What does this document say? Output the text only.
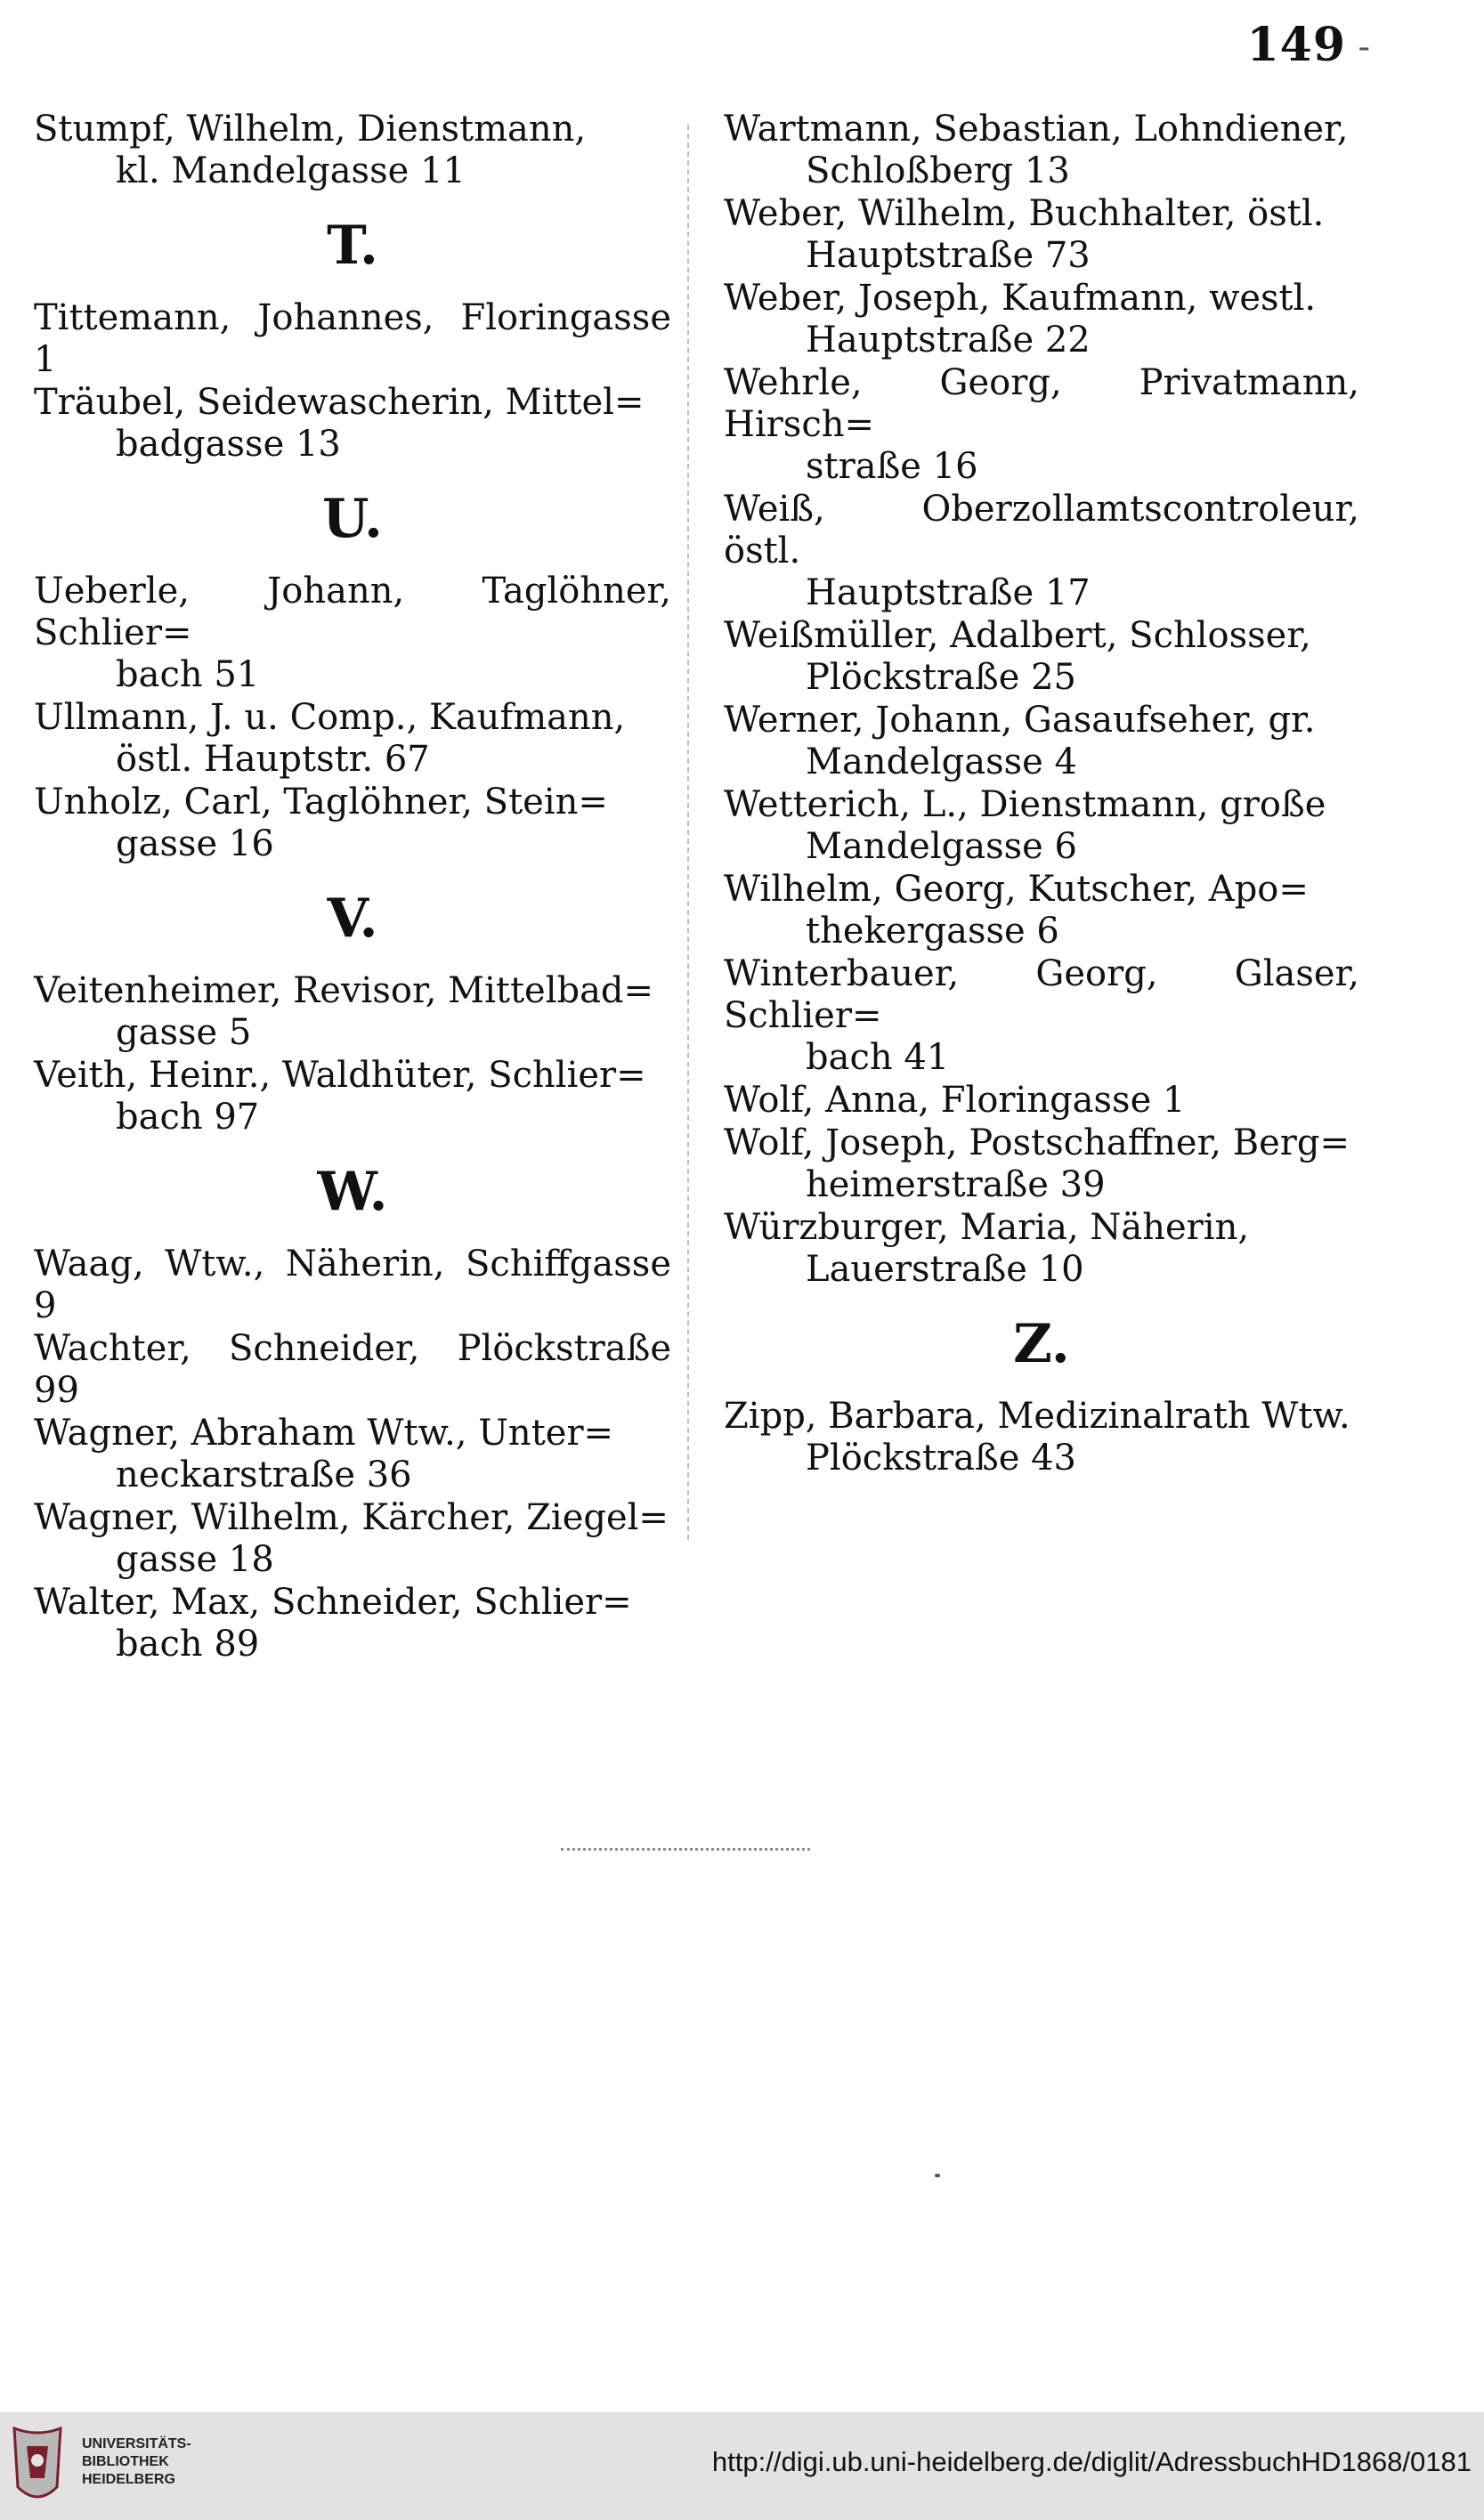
149 -
Stumpf, Wilhelm, Dienstmann,
kl. Mandelgasse 11
T.
Tittemann, Johannes, Floringasse 1
Träubel, Seidewascherin, Mittel=
badgasse 13
U.
Ueberle, Johann, Taglöhner, Schlier=
bach 51
Ullmann, J. u. Comp., Kaufmann,
östl. Hauptstr. 67
Unholz, Carl, Taglöhner, Stein=
gasse 16
V.
Veitenheimer, Revisor, Mittelbad=
gasse 5
Veith, Heinr., Waldhüter, Schlier=
bach 97
W.
Waag, Wtw., Näherin, Schiffgasse 9
Wachter, Schneider, Plöckstraße 99
Wagner, Abraham Wtw., Unter=
neckarstraße 36
Wagner, Wilhelm, Kärcher, Ziegel=
gasse 18
Walter, Max, Schneider, Schlier=
bach 89
Wartmann, Sebastian, Lohndiener,
Schloßberg 13
Weber, Wilhelm, Buchhalter, östl.
Hauptstraße 73
Weber, Joseph, Kaufmann, westl.
Hauptstraße 22
Wehrle, Georg, Privatmann, Hirsch=
straße 16
Weiß, Oberzollamtscontroleur, östl.
Hauptstraße 17
Weißmüller, Adalbert, Schlosser,
Plöckstraße 25
Werner, Johann, Gasaufseher, gr.
Mandelgasse 4
Wetterich, L., Dienstmann, große
Mandelgasse 6
Wilhelm, Georg, Kutscher, Apo=
thekergasse 6
Winterbauer, Georg, Glaser, Schlier=
bach 41
Wolf, Anna, Floringasse 1
Wolf, Joseph, Postschaffner, Berg=
heimerstraße 39
Würzburger, Maria, Näherin,
Lauerstraße 10
Z.
Zipp, Barbara, Medizinalrath Wtw.
Plöckstraße 43
UNIVERSITÄTS-
BIBLIOTHEK
HEIDELBERG
http://digi.ub.uni-heidelberg.de/diglit/AdressbuchHD1868/0181
